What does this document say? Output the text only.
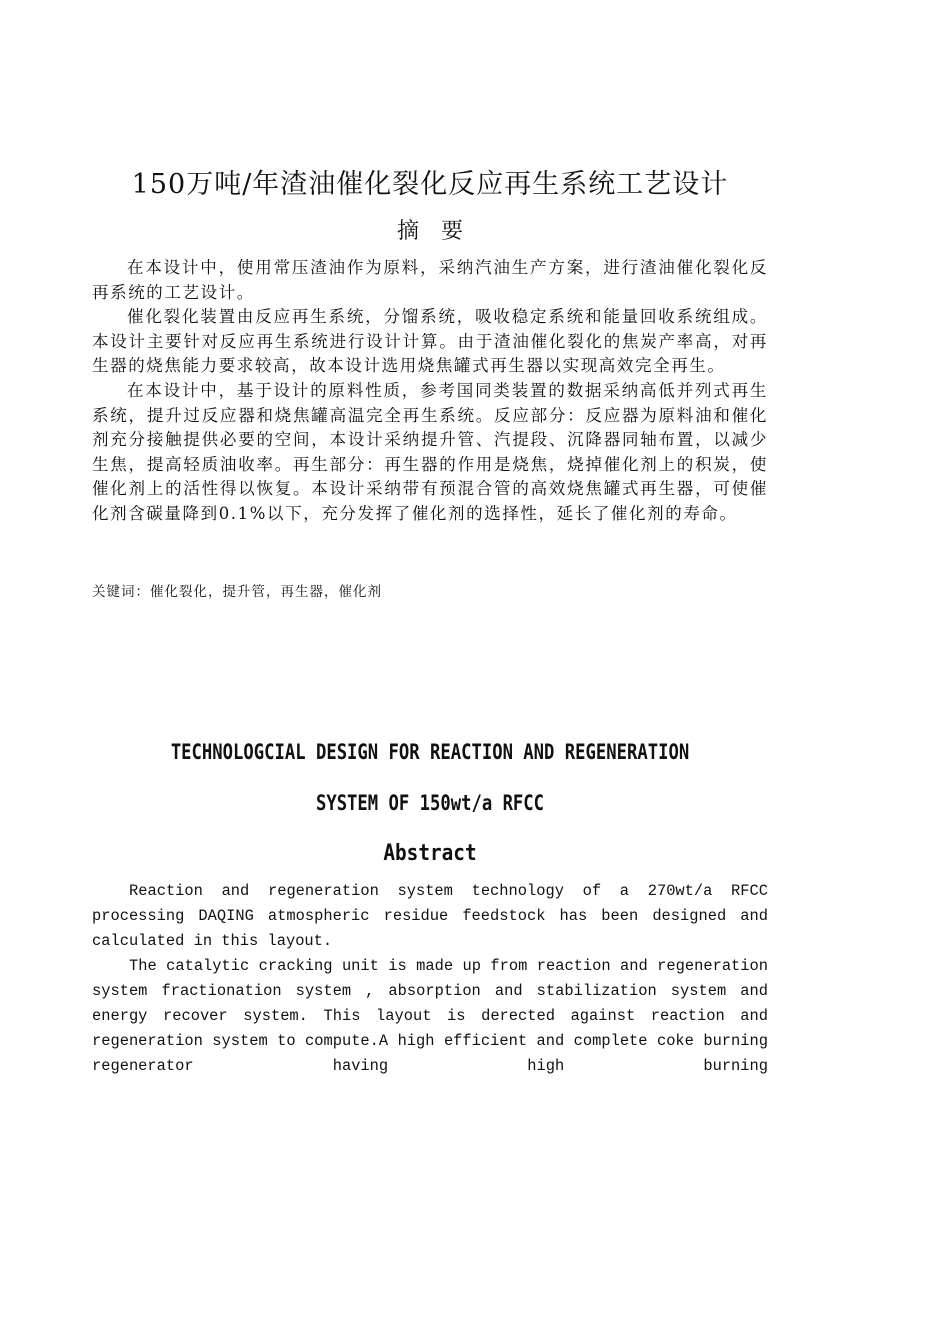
150万吨/年渣油催化裂化反应再生系统工艺设计
摘要

在本设计中，使用常压渣油作为原料，采纳汽油生产方案，进行渣油催化裂化反再系统的工艺设计。

催化裂化装置由反应再生系统，分馏系统，吸收稳定系统和能量回收系统组成。本设计主要针对反应再生系统进行设计计算。由于渣油催化裂化的焦炭产率高，对再生器的烧焦能力要求较高，故本设计选用烧焦罐式再生器以实现高效完全再生。

在本设计中，基于设计的原料性质，参考国同类装置的数据采纳高低并列式再生系统，提升过反应器和烧焦罐高温完全再生系统。反应部分：反应器为原料油和催化剂充分接触提供必要的空间，本设计采纳提升管、汽提段、沉降器同轴布置，以减少生焦，提高轻质油收率。再生部分：再生器的作用是烧焦，烧掉催化剂上的积炭，使催化剂上的活性得以恢复。本设计采纳带有预混合管的高效烧焦罐式再生器，可使催化剂含碳量降到0.1%以下，充分发挥了催化剂的选择性，延长了催化剂的寿命。

关键词：催化裂化，提升管，再生器，催化剂
TECHNOLOGCIAL DESIGN FOR REACTION AND REGENERATION
SYSTEM OF 150wt/a RFCC
Abstract

Reaction and regeneration system technology of a 270wt/a RFCC processing DAQING atmospheric residue feedstock has been designed and calculated in this layout.

The catalytic cracking unit is made up from reaction and regeneration system fractionation system , absorption and stabilization system and energy recover system. This layout is derected against reaction and regeneration system to compute.A high efficient and complete coke burning regenerator having high burning
